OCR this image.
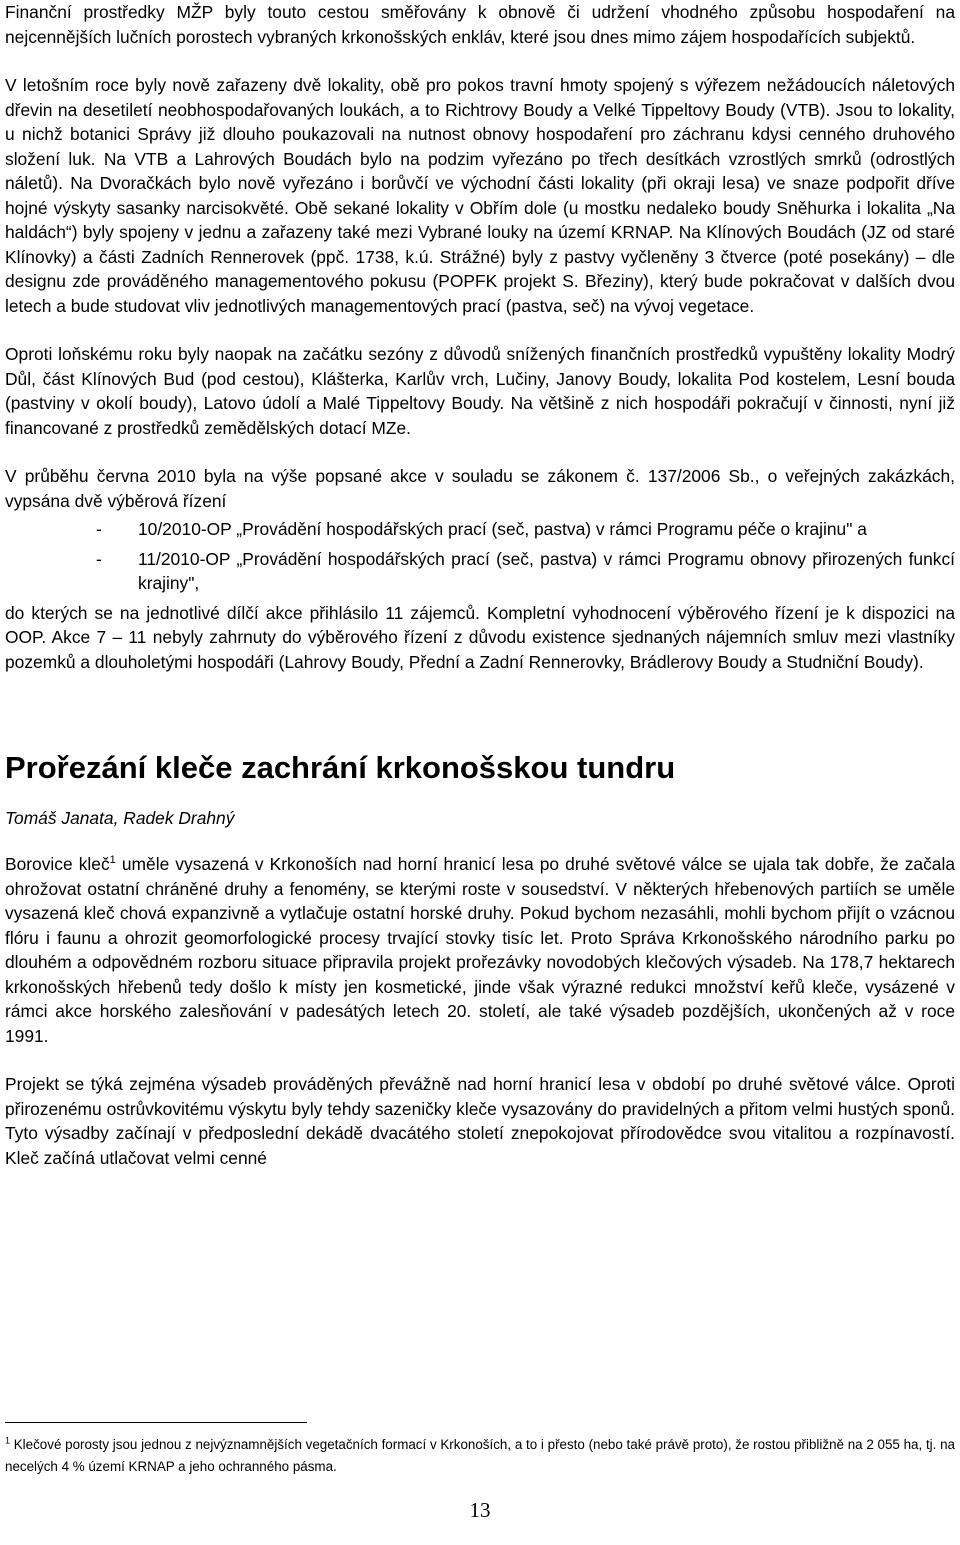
Finanční prostředky MŽP byly touto cestou směřovány k obnově či udržení vhodného způsobu hospodaření na nejcennějších lučních porostech vybraných krkonošských enkláv, které jsou dnes mimo zájem hospodařících subjektů.

V letošním roce byly nově zařazeny dvě lokality, obě pro pokos travní hmoty spojený s výřezem nežádoucích náletových dřevin na desetiletí neobhospodařovaných loukách, a to Richtrovy Boudy a Velké Tippeltovy Boudy (VTB). Jsou to lokality, u nichž botanici Správy již dlouho poukazovali na nutnost obnovy hospodaření pro záchranu kdysi cenného druhového složení luk. Na VTB a Lahrových Boudách bylo na podzim vyřezáno po třech desítkách vzrostlých smrků (odrostlých náletů). Na Dvoračkách bylo nově vyřezáno i borůvčí ve východní části lokality (při okraji lesa) ve snaze podpořit dříve hojné výskyty sasanky narcisokvěté. Obě sekané lokality v Obřím dole (u mostku nedaleko boudy Sněhurka i lokalita „Na haldách“) byly spojeny v jednu a zařazeny také mezi Vybrané louky na území KRNAP. Na Klínových Boudách (JZ od staré Klínovky) a části Zadních Rennerovek (ppč. 1738, k.ú. Strážné) byly z pastvy vyčleněny 3 čtverce (poté posekány) – dle designu zde prováděného managementového pokusu (POPFK projekt S. Březiny), který bude pokračovat v dalších dvou letech a bude studovat vliv jednotlivých managementových prací (pastva, seč) na vývoj vegetace.

Oproti loňskému roku byly naopak na začátku sezóny z důvodů snížených finančních prostředků vypuštěny lokality Modrý Důl, část Klínových Bud (pod cestou), Klášterka, Karlův vrch, Lučiny, Janovy Boudy, lokalita Pod kostelem, Lesní bouda (pastviny v okolí boudy), Latovo údolí a Malé Tippeltovy Boudy. Na většině z nich hospodáři pokračují v činnosti, nyní již financované z prostředků zemědělských dotací MZe.

V průběhu června 2010 byla na výše popsané akce v souladu se zákonem č. 137/2006 Sb., o veřejných zakázkách, vypsána dvě výběrová řízení

- 10/2010-OP „Provádění hospodářských prací (seč, pastva) v rámci Programu péče o krajinu" a
- 11/2010-OP „Provádění hospodářských prací (seč, pastva) v rámci Programu obnovy přirozených funkcí krajiny",

do kterých se na jednotlivé dílčí akce přihlásilo 11 zájemců. Kompletní vyhodnocení výběrového řízení je k dispozici na OOP. Akce 7 – 11 nebyly zahrnuty do výběrového řízení z důvodu existence sjednaných nájemních smluv mezi vlastníky pozemků a dlouholetými hospodáři (Lahrovy Boudy, Přední a Zadní Rennerovky, Brádlerovy Boudy a Studniční Boudy).

Prořezání kleče zachrání krkonošskou tundru

Tomáš Janata, Radek Drahný

Borovice kleč$^1$ uměle vysazená v Krkonoších nad horní hranicí lesa po druhé světové válce se ujala tak dobře, že začala ohrožovat ostatní chráněné druhy a fenomény, se kterými roste v sousedství. V některých hřebenových partiích se uměle vysazená kleč chová expanzivně a vytlačuje ostatní horské druhy. Pokud bychom nezasáhli, mohli bychom přijít o vzácnou flóru i faunu a ohrozit geomorfologické procesy trvající stovky tisíc let. Proto Správa Krkonošského národního parku po dlouhém a odpovědném rozboru situace připravila projekt prořezávky novodobých klečových výsadeb. Na 178,7 hektarech krkonošských hřebenů tedy došlo k místy jen kosmetické, jinde však výrazné redukci množství keřů kleče, vysázené v rámci akce horského zalesňování v padesátých letech 20. století, ale také výsadeb pozdějších, ukončených až v roce 1991.

Projekt se týká zejména výsadeb prováděných převážně nad horní hranicí lesa v období po druhé světové válce. Oproti přirozenému ostrůvkovitému výskytu byly tehdy sazeničky kleče vysazovány do pravidelných a přitom velmi hustých sponů. Tyto výsadby začínají v předposlední dekádě dvacátého století znepokojovat přírodovědce svou vitalitou a rozpínavostí. Kleč začíná utlačovat velmi cenné

$^1$ Klečové porosty jsou jednou z nejvýznamnějších vegetačních formací v Krkonoších, a to i přesto (nebo také právě proto), že rostou přibližně na 2 055 ha, tj. na necelých 4 % území KRNAP a jeho ochranného pásma.

13
